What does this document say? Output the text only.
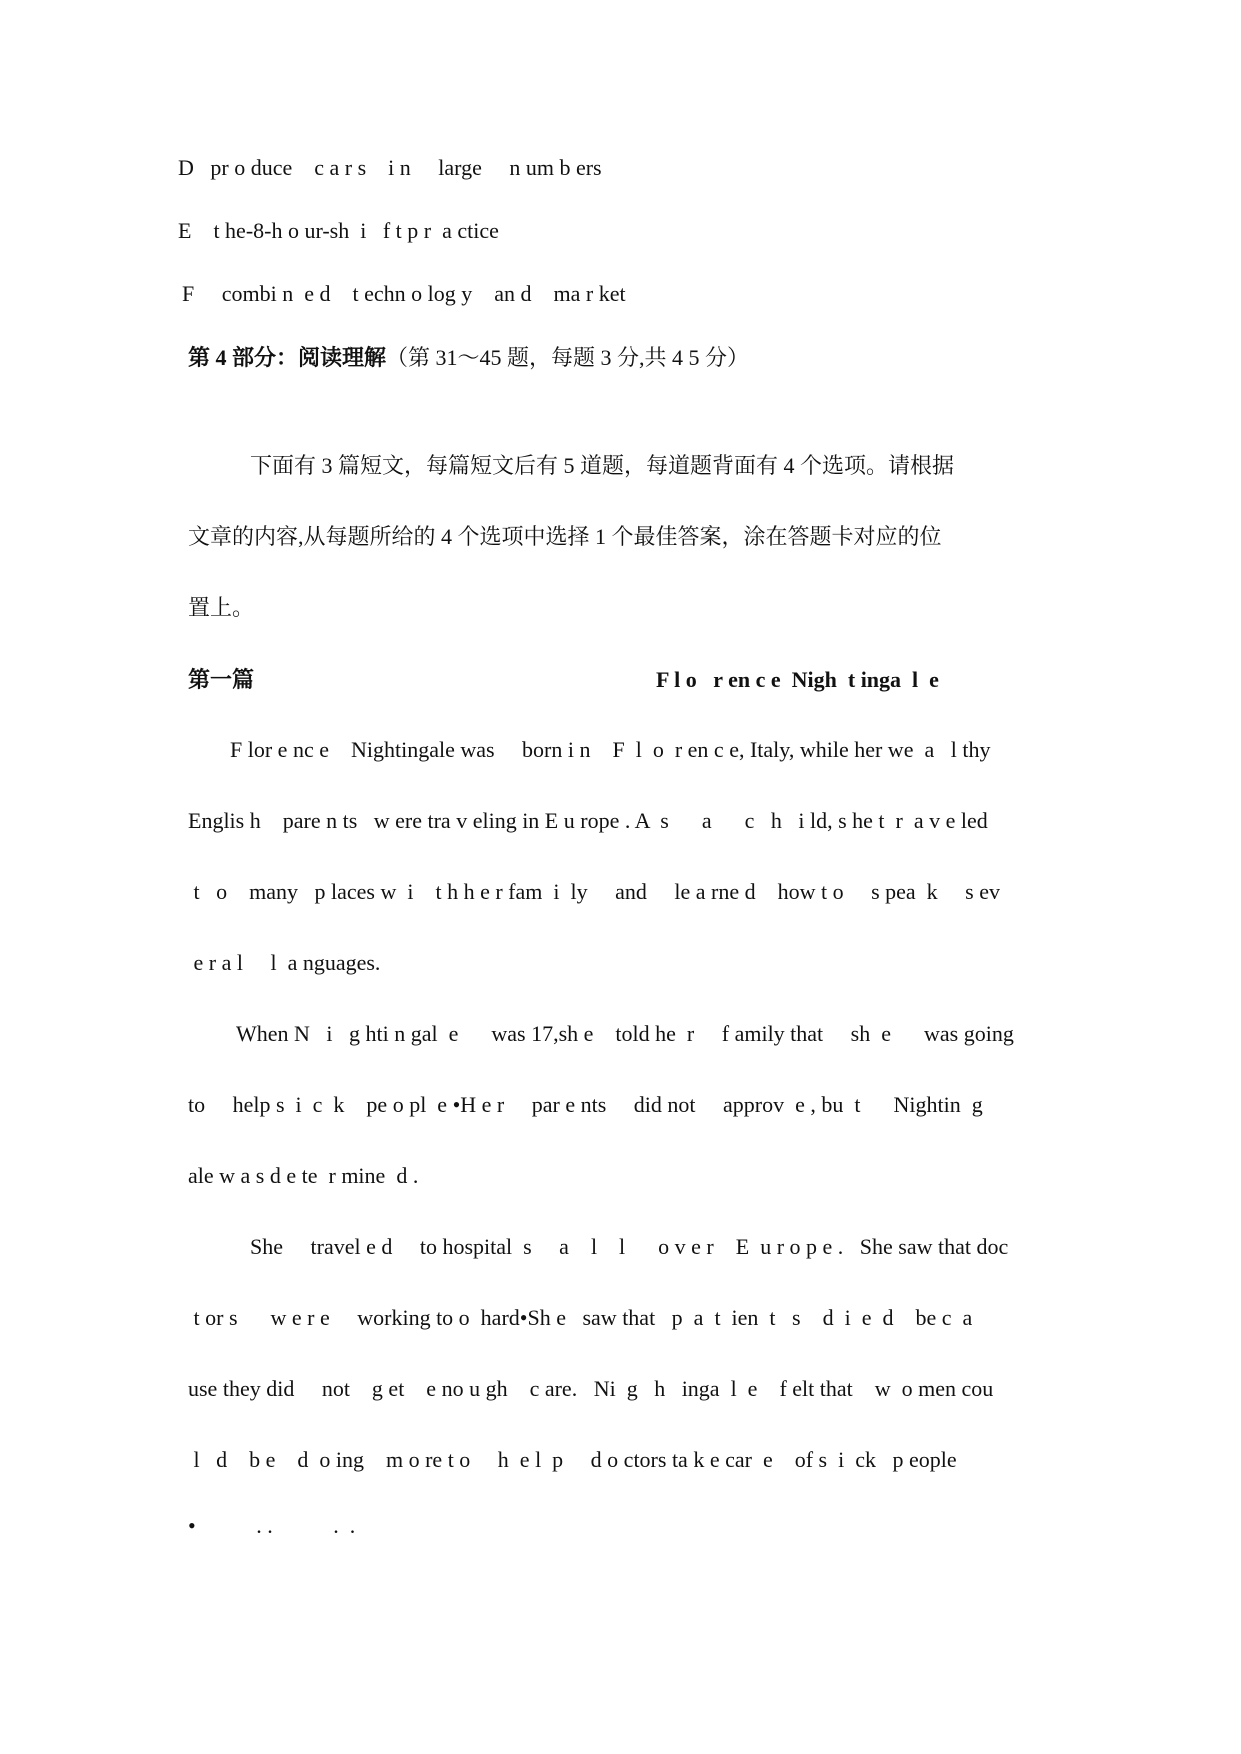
D   pr o duce    c a r s    i n     large     n um b ers
E    t he-8-h o ur-sh  i   f t p r  a ctice
F     combi n  e d    t echn o log y    an d    ma r ket
第 4 部分：阅读理解（第 31～45 题，每题 3 分,共 4 5 分）
下面有 3 篇短文，每篇短文后有 5 道题，每道题背面有 4 个选项。请根据
文章的内容,从每题所给的 4 个选项中选择 1 个最佳答案，涂在答题卡对应的位
置上。
第一篇	F l o   r en c e  Nigh  t inga  l  e
F lor e nc e    Nightingale was     born i n    F  l  o  r en c e, Italy, while her we  a   l thy
Englis h    pare n ts   w ere tra v eling in E u rope . A  s      a      c   h   i ld, s he t  r  a v e led
t   o    many   p laces w  i    t h h e r fam  i  ly     and     le a rne d    how t o     s pea  k     s ev
e r a l     l  a nguages.
When N   i   g hti n gal  e      was 17,sh e    told he  r     f amily that     sh  e      was going
to     help s  i  c  k    pe o pl  e •H e r     par e nts     did not     approv  e , bu  t      Nightin  g
ale w a s d e te  r mine  d .
She     travel e d     to hospital  s     a    l    l      o v e r    E  u r o p e .   She saw that doc
t or s      w e r e     working to o  hard•Sh e   saw that   p  a  t  ien  t   s    d  i  e  d    be c  a
use they did     not    g et    e no u gh    c are.   Ni  g   h   inga  l  e    f elt that    w  o men cou
l   d    b e    d  o ing    m o re t o     h  e l  p     d o ctors ta k e car  e    of s  i  ck   p eople
•           . .           .  .
